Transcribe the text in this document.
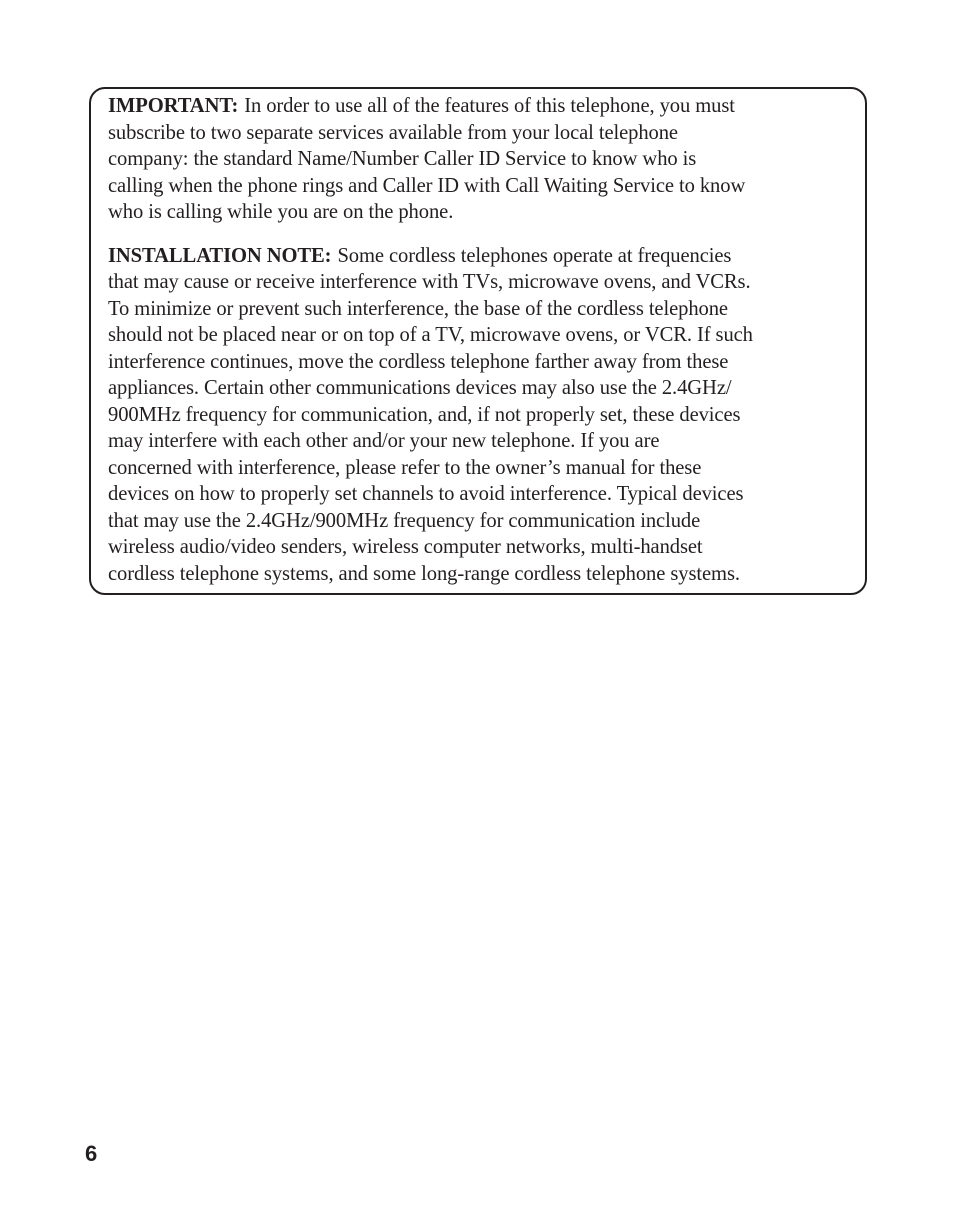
IMPORTANT: In order to use all of the features of this telephone, you must
subscribe to two separate services available from your local telephone
company: the standard Name/Number Caller ID Service to know who is
calling when the phone rings and Caller ID with Call Waiting Service to know
who is calling while you are on the phone.

INSTALLATION NOTE: Some cordless telephones operate at frequencies
that may cause or receive interference with TVs, microwave ovens, and VCRs.
To minimize or prevent such interference, the base of the cordless telephone
should not be placed near or on top of a TV, microwave ovens, or VCR. If such
interference continues, move the cordless telephone farther away from these
appliances. Certain other communications devices may also use the 2.4GHz/
900MHz frequency for communication, and, if not properly set, these devices
may interfere with each other and/or your new telephone. If you are
concerned with interference, please refer to the owner’s manual for these
devices on how to properly set channels to avoid interference. Typical devices
that may use the 2.4GHz/900MHz frequency for communication include
wireless audio/video senders, wireless computer networks, multi-handset
cordless telephone systems, and some long-range cordless telephone systems.

6
